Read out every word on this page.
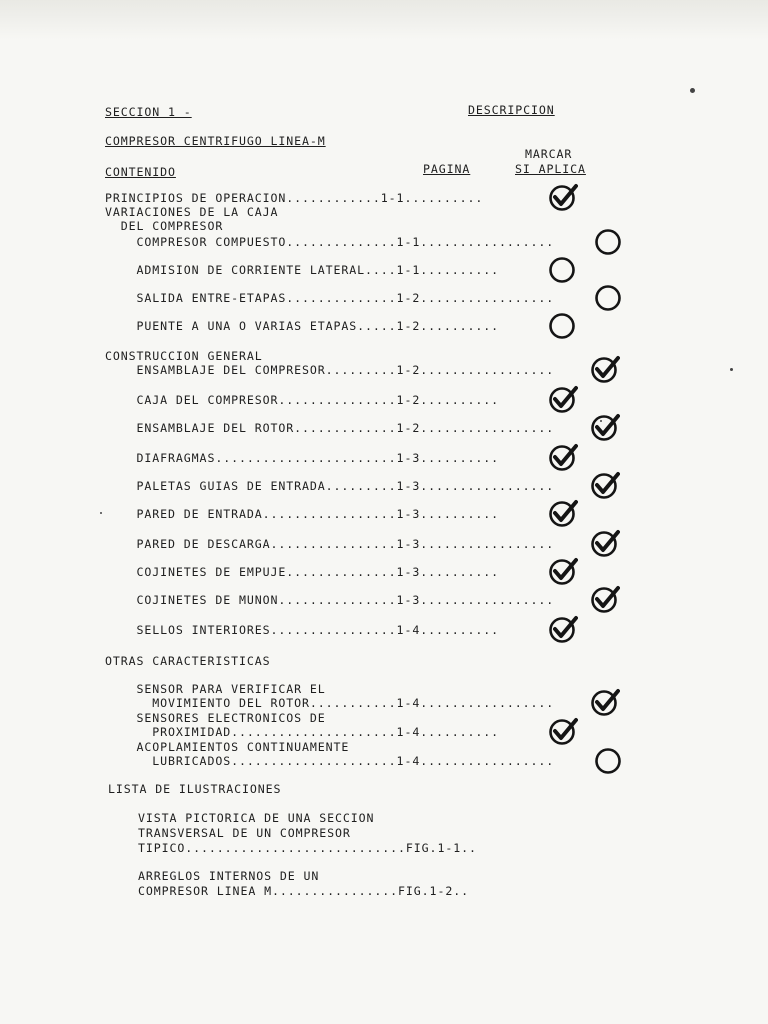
SECCION 1 -	DESCRIPCION
COMPRESOR CENTRIFUGO LINEA-M
MARCAR
CONTENIDO	PAGINA	SI APLICA
PRINCIPIOS DE OPERACION............1-1..........
VARIACIONES DE LA CAJA
DEL COMPRESOR
COMPRESOR COMPUESTO..............1-1.................
ADMISION DE CORRIENTE LATERAL....1-1..........
SALIDA ENTRE-ETAPAS..............1-2.................
PUENTE A UNA O VARIAS ETAPAS.....1-2..........
CONSTRUCCION GENERAL
ENSAMBLAJE DEL COMPRESOR.........1-2.................
CAJA DEL COMPRESOR...............1-2..........
ENSAMBLAJE DEL ROTOR.............1-2.................
DIAFRAGMAS.......................1-3..........
PALETAS GUIAS DE ENTRADA.........1-3.................
PARED DE ENTRADA.................1-3..........
PARED DE DESCARGA................1-3.................
COJINETES DE EMPUJE..............1-3..........
COJINETES DE MUNON...............1-3.................
SELLOS INTERIORES................1-4..........
OTRAS CARACTERISTICAS
SENSOR PARA VERIFICAR EL
MOVIMIENTO DEL ROTOR...........1-4.................
SENSORES ELECTRONICOS DE
PROXIMIDAD.....................1-4..........
ACOPLAMIENTOS CONTINUAMENTE
LUBRICADOS.....................1-4.................
LISTA DE ILUSTRACIONES
VISTA PICTORICA DE UNA SECCION
TRANSVERSAL DE UN COMPRESOR
TIPICO............................FIG.1-1..
ARREGLOS INTERNOS DE UN
COMPRESOR LINEA M................FIG.1-2..
